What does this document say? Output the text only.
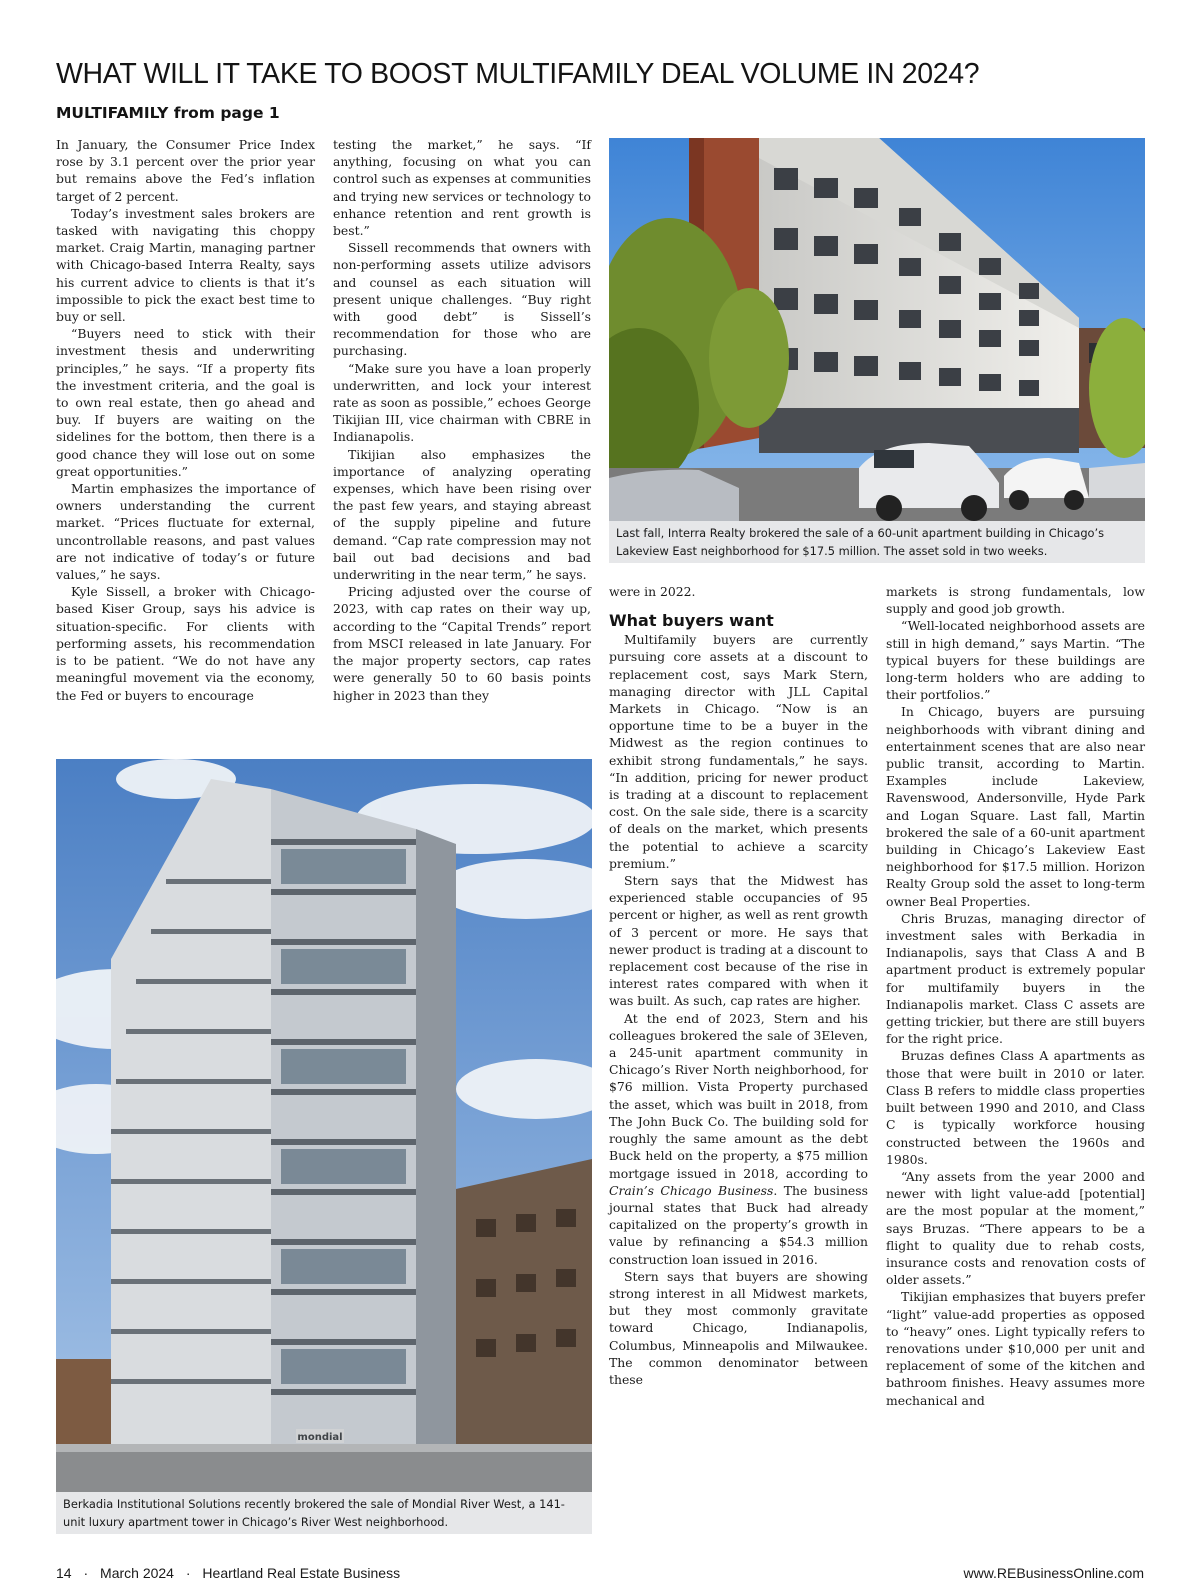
WHAT WILL IT TAKE TO BOOST MULTIFAMILY DEAL VOLUME IN 2024?
MULTIFAMILY from page 1

In January, the Consumer Price Index rose by 3.1 percent over the prior year but remains above the Fed’s inflation target of 2 percent.

Today’s investment sales brokers are tasked with navigating this choppy market. Craig Martin, managing partner with Chicago-based Interra Realty, says his current advice to clients is that it’s impossible to pick the exact best time to buy or sell.

“Buyers need to stick with their investment thesis and underwriting principles,” he says. “If a property fits the investment criteria, and the goal is to own real estate, then go ahead and buy. If buyers are waiting on the sidelines for the bottom, then there is a good chance they will lose out on some great opportunities.”

Martin emphasizes the importance of owners understanding the current market. “Prices fluctuate for external, uncontrollable reasons, and past values are not indicative of today’s or future values,” he says.

Kyle Sissell, a broker with Chicago-based Kiser Group, says his advice is situation-specific. For clients with performing assets, his recommendation is to be patient. “We do not have any meaningful movement via the economy, the Fed or buyers to encourage

testing the market,” he says. “If anything, focusing on what you can control such as expenses at communities and trying new services or technology to enhance retention and rent growth is best.”

Sissell recommends that owners with non-performing assets utilize advisors and counsel as each situation will present unique challenges. “Buy right with good debt” is Sissell’s recommendation for those who are purchasing.

“Make sure you have a loan properly underwritten, and lock your interest rate as soon as possible,” echoes George Tikijian III, vice chairman with CBRE in Indianapolis.

Tikijian also emphasizes the importance of analyzing operating expenses, which have been rising over the past few years, and staying abreast of the supply pipeline and future demand. “Cap rate compression may not bail out bad decisions and bad underwriting in the near term,” he says.

Pricing adjusted over the course of 2023, with cap rates on their way up, according to the “Capital Trends” report from MSCI released in late January. For the major property sectors, cap rates were generally 50 to 60 basis points higher in 2023 than they

Last fall, Interra Realty brokered the sale of a 60-unit apartment building in Chicago’s Lakeview East neighborhood for $17.5 million. The asset sold in two weeks.
mondial
Berkadia Institutional Solutions recently brokered the sale of Mondial River West, a 141-unit luxury apartment tower in Chicago’s River West neighborhood.

were in 2022.

What buyers want

Multifamily buyers are currently pursuing core assets at a discount to replacement cost, says Mark Stern, managing director with JLL Capital Markets in Chicago. “Now is an opportune time to be a buyer in the Midwest as the region continues to exhibit strong fundamentals,” he says. “In addition, pricing for newer product is trading at a discount to replacement cost. On the sale side, there is a scarcity of deals on the market, which presents the potential to achieve a scarcity premium.”

Stern says that the Midwest has experienced stable occupancies of 95 percent or higher, as well as rent growth of 3 percent or more. He says that newer product is trading at a discount to replacement cost because of the rise in interest rates compared with when it was built. As such, cap rates are higher.

At the end of 2023, Stern and his colleagues brokered the sale of 3Eleven, a 245-unit apartment community in Chicago’s River North neighborhood, for $76 million. Vista Property purchased the asset, which was built in 2018, from The John Buck Co. The building sold for roughly the same amount as the debt Buck held on the property, a $75 million mortgage issued in 2018, according to Crain’s Chicago Business. The business journal states that Buck had already capitalized on the property’s growth in value by refinancing a $54.3 million construction loan issued in 2016.

Stern says that buyers are showing strong interest in all Midwest markets, but they most commonly gravitate toward Chicago, Indianapolis, Columbus, Minneapolis and Milwaukee. The common denominator between these

markets is strong fundamentals, low supply and good job growth.

“Well-located neighborhood assets are still in high demand,” says Martin. “The typical buyers for these buildings are long-term holders who are adding to their portfolios.”

In Chicago, buyers are pursuing neighborhoods with vibrant dining and entertainment scenes that are also near public transit, according to Martin. Examples include Lakeview, Ravenswood, Andersonville, Hyde Park and Logan Square. Last fall, Martin brokered the sale of a 60-unit apartment building in Chicago’s Lakeview East neighborhood for $17.5 million. Horizon Realty Group sold the asset to long-term owner Beal Properties.

Chris Bruzas, managing director of investment sales with Berkadia in Indianapolis, says that Class A and B apartment product is extremely popular for multifamily buyers in the Indianapolis market. Class C assets are getting trickier, but there are still buyers for the right price.

Bruzas defines Class A apartments as those that were built in 2010 or later. Class B refers to middle class properties built between 1990 and 2010, and Class C is typically workforce housing constructed between the 1960s and 1980s.

“Any assets from the year 2000 and newer with light value-add [potential] are the most popular at the moment,” says Bruzas. “There appears to be a flight to quality due to rehab costs, insurance costs and renovation costs of older assets.”

Tikijian emphasizes that buyers prefer “light” value-add properties as opposed to “heavy” ones. Light typically refers to renovations under $10,000 per unit and replacement of some of the kitchen and bathroom finishes. Heavy assumes more mechanical and

14 · March 2024 · Heartland Real Estate Business	www.REBusinessOnline.com
